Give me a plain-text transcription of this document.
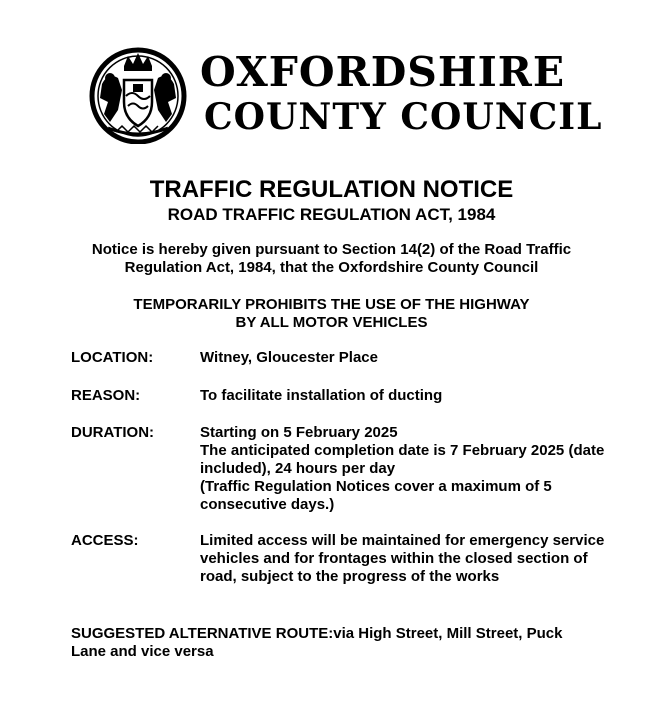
OXFORDSHIRE
COUNTY COUNCIL
TRAFFIC REGULATION NOTICE
ROAD TRAFFIC REGULATION ACT, 1984
Notice is hereby given pursuant to Section 14(2) of the Road Traffic
Regulation Act, 1984, that the Oxfordshire County Council
TEMPORARILY PROHIBITS THE USE OF THE HIGHWAY
BY ALL MOTOR VEHICLES
LOCATION:	Witney, Gloucester Place
REASON:	To facilitate installation of ducting
DURATION:	Starting on 5 February 2025
The anticipated completion date is 7 February 2025 (date
included), 24 hours per day
(Traffic Regulation Notices cover a maximum of 5
consecutive days.)
ACCESS:	Limited access will be maintained for emergency service
vehicles and for frontages within the closed section of
road, subject to the progress of the works
SUGGESTED ALTERNATIVE ROUTE:via High Street, Mill Street, Puck
Lane and vice versa
